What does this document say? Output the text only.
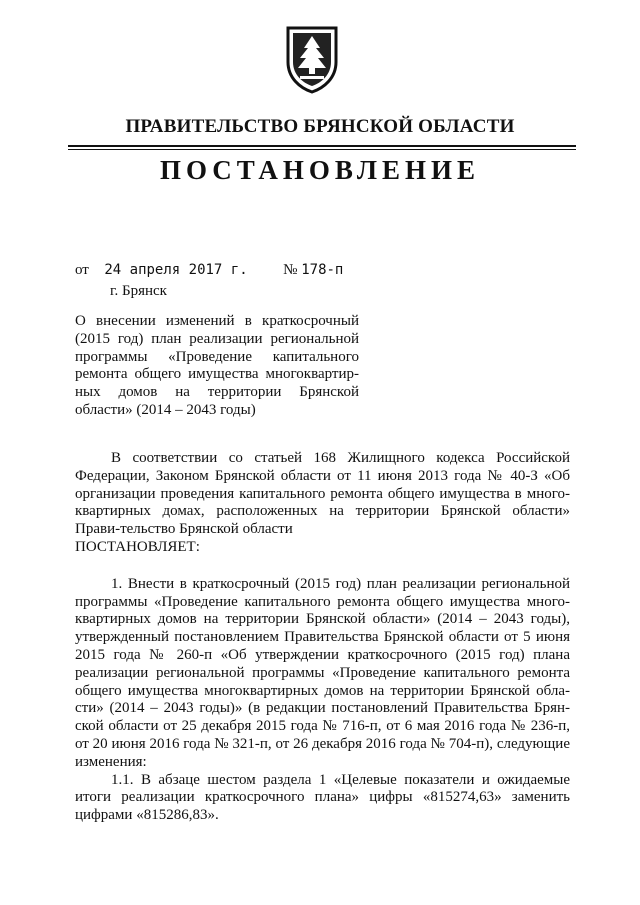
ПРАВИТЕЛЬСТВО БРЯНСКОЙ ОБЛАСТИ
ПОСТАНОВЛЕНИЕ
от 24 апреля 2017 г. № 178-п
г. Брянск
О внесении изменений в краткосрочный (2015 год) план реализации региональной программы «Проведение капитального ремонта общего имущества многоквартир-ных домов на территории Брянской области» (2014 – 2043 годы)

В соответствии со статьей 168 Жилищного кодекса Российской Федерации, Законом Брянской области от 11 июня 2013 года № 40-З «Об организации проведения капитального ремонта общего имущества в много-квартирных домах, расположенных на территории Брянской области» Прави-тельство Брянской области

ПОСТАНОВЛЯЕТ:

1. Внести в краткосрочный (2015 год) план реализации региональной программы «Проведение капитального ремонта общего имущества много-квартирных домов на территории Брянской области» (2014 – 2043 годы), утвержденный постановлением Правительства Брянской области от 5 июня 2015 года № 260-п «Об утверждении краткосрочного (2015 год) плана реализации региональной программы «Проведение капитального ремонта общего имущества многоквартирных домов на территории Брянской обла-сти» (2014 – 2043 годы)» (в редакции постановлений Правительства Брян-ской области от 25 декабря 2015 года № 716-п, от 6 мая 2016 года № 236-п, от 20 июня 2016 года № 321-п, от 26 декабря 2016 года № 704-п), следующие изменения:

1.1. В абзаце шестом раздела 1 «Целевые показатели и ожидаемые итоги реализации краткосрочного плана» цифры «815274,63» заменить цифрами «815286,83».
